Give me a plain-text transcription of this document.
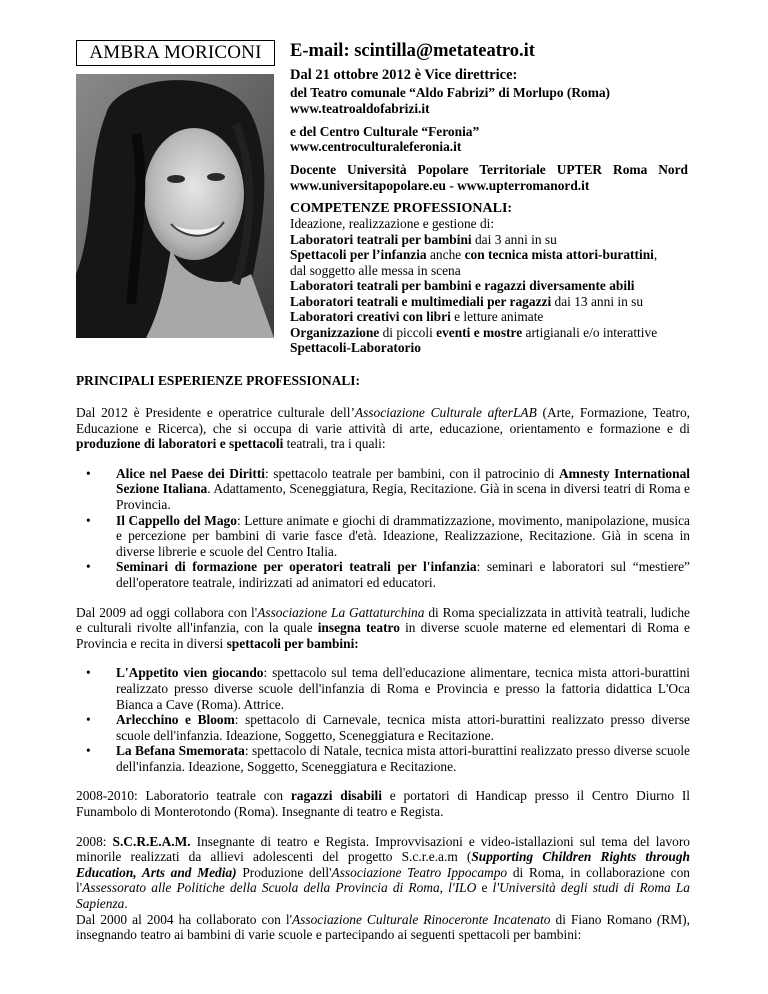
AMBRA MORICONI	E-mail: scintilla@metateatro.it
Dal 21 ottobre 2012 è Vice direttrice:
del Teatro comunale “Aldo Fabrizi” di Morlupo (Roma)
www.teatroaldofabrizi.it
e del Centro Culturale “Feronia”
www.centroculturaleferonia.it
Docente Università Popolare Territoriale UPTER Roma Nord
www.universitapopolare.eu - www.upterromanord.it
COMPETENZE PROFESSIONALI:
Ideazione, realizzazione e gestione di:
Laboratori teatrali per bambini dai 3 anni in su
Spettacoli per l’infanzia anche con tecnica mista attori-burattini,
dal soggetto alle messa in scena
Laboratori teatrali per bambini e ragazzi diversamente abili
Laboratori teatrali e multimediali per ragazzi dai 13 anni in su
Laboratori creativi con libri e letture animate
Organizzazione di piccoli eventi e mostre artigianali e/o interattive
Spettacoli-Laboratorio
PRINCIPALI ESPERIENZE PROFESSIONALI:

Dal 2012 è Presidente e operatrice culturale dell’Associazione Culturale afterLAB (Arte, Formazione, Teatro, Educazione e Ricerca), che si occupa di varie attività di arte, educazione, orientamento e formazione e di produzione di laboratori e spettacoli teatrali, tra i quali:

• Alice nel Paese dei Diritti: spettacolo teatrale per bambini, con il patrocinio di Amnesty International Sezione Italiana. Adattamento, Sceneggiatura, Regia, Recitazione. Già in scena in diversi teatri di Roma e Provincia.
• Il Cappello del Mago: Letture animate e giochi di drammatizzazione, movimento, manipolazione, musica e percezione per bambini di varie fasce d'età. Ideazione, Realizzazione, Recitazione. Già in scena in diverse librerie e scuole del Centro Italia.
• Seminari di formazione per operatori teatrali per l'infanzia: seminari e laboratori sul “mestiere” dell'operatore teatrale, indirizzati ad animatori ed educatori.

Dal 2009 ad oggi collabora con l'Associazione La Gattaturchina di Roma specializzata in attività teatrali, ludiche e culturali rivolte all'infanzia, con la quale insegna teatro in diverse scuole materne ed elementari di Roma e Provincia e recita in diversi spettacoli per bambini:

• L'Appetito vien giocando: spettacolo sul tema dell'educazione alimentare, tecnica mista attori-burattini realizzato presso diverse scuole dell'infanzia di Roma e Provincia e presso la fattoria didattica L'Oca Bianca a Cave (Roma). Attrice.
• Arlecchino e Bloom: spettacolo di Carnevale, tecnica mista attori-burattini realizzato presso diverse scuole dell'infanzia. Ideazione, Soggetto, Sceneggiatura e Recitazione.
• La Befana Smemorata: spettacolo di Natale, tecnica mista attori-burattini realizzato presso diverse scuole dell'infanzia. Ideazione, Soggetto, Sceneggiatura e Recitazione.

2008-2010: Laboratorio teatrale con ragazzi disabili e portatori di Handicap presso il Centro Diurno Il Funambolo di Monterotondo (Roma). Insegnante di teatro e Regista.

2008: S.C.R.E.A.M. Insegnante di teatro e Regista. Improvvisazioni e video-istallazioni sul tema del lavoro minorile realizzati da allievi adolescenti del progetto S.c.r.e.a.m (Supporting Children Rights through Education, Arts and Media) Produzione dell'Associazione Teatro Ippocampo di Roma, in collaborazione con l'Assessorato alle Politiche della Scuola della Provincia di Roma, l'ILO e l'Università degli studi di Roma La Sapienza.

Dal 2000 al 2004 ha collaborato con l'Associazione Culturale Rinoceronte Incatenato di Fiano Romano (RM), insegnando teatro ai bambini di varie scuole e partecipando ai seguenti spettacoli per bambini:
